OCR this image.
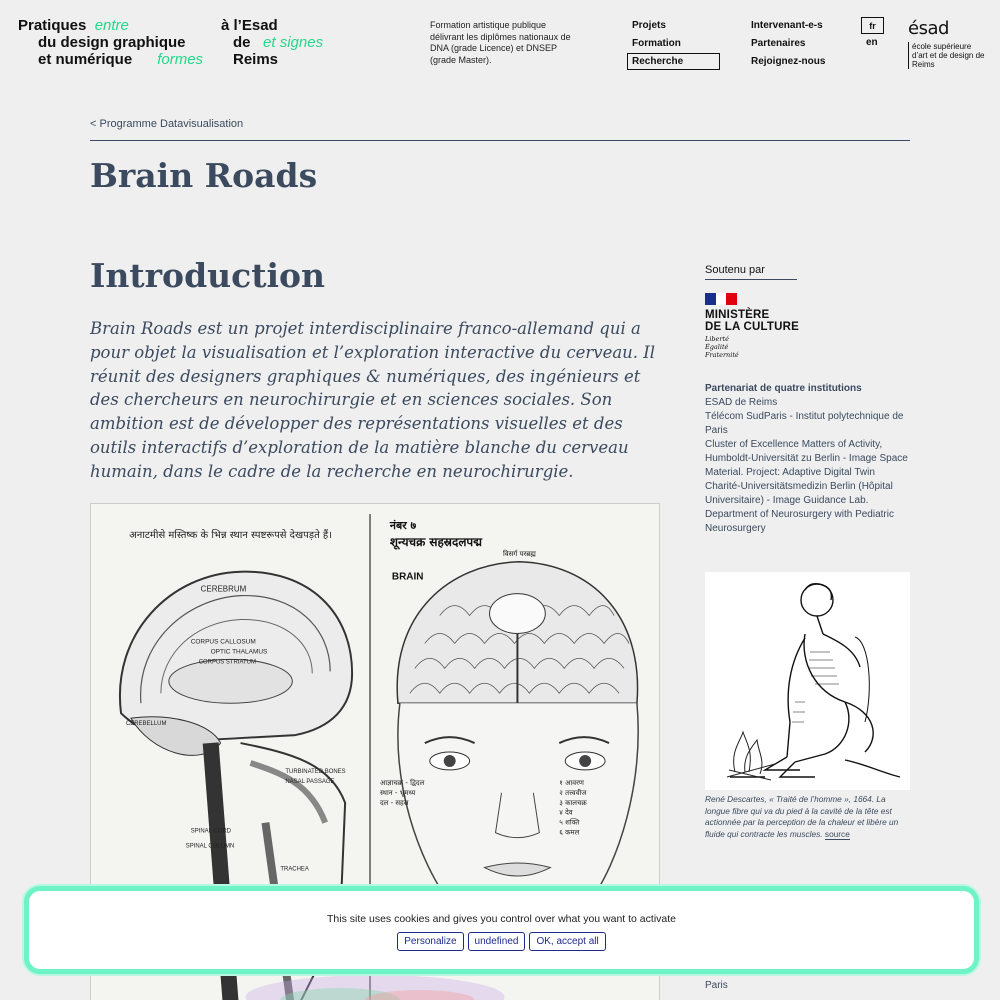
Pratiques entre
du design graphique
et numérique formes
à l’Esad
de et signes
Reims
Formation artistique publique délivrant les diplômes nationaux de DNA (grade Licence) et DNSEP (grade Master).
Projets
Formation
Recherche
Intervenant-e-s
Partenaires
Rejoignez-nous
fr
en
ésad
école supérieure d’art et de design de Reims
< Programme Datavisualisation
Brain Roads
Introduction

Brain Roads est un projet interdisciplinaire franco-allemand qui a pour objet la visualisation et l’exploration interactive du cerveau. Il réunit des designers graphiques & numériques, des ingénieurs et des chercheurs en neurochirurgie et en sciences sociales. Son ambition est de développer des représentations visuelles et des outils interactifs d’exploration de la matière blanche du cerveau humain, dans le cadre de la recherche en neurochirurgie.

अनाटमीसे मस्तिष्क के भिन्न स्थान स्पष्टरूपसे देखपड़ते हैं।
CEREBRUM
CORPUS CALLOSUM
OPTIC THALAMUS
CORPUS STRIATUM
CEREBELLUM
TURBINATED BONES
NASAL PASSAGE
TRACHEA
SPINAL CORD
SPINAL COLUMN
नंबर ७
शून्यचक्र सहस्रदलपद्म
BRAIN
विसर्ग परब्रह्म
आज्ञाचक्र - द्विदल
स्थान - भ्रूमध्य
दल - सहस्र
१ आवरण
२ तत्त्ववीज
३ कालचक्र
४ देव
५ शक्ति
६ कमल
Soutenu par
MINISTÈRE
DE LA CULTURE
Liberté
Égalité
Fraternité
Partenariat de quatre institutions
ESAD de Reims
Télécom SudParis - Institut polytechnique de Paris
Cluster of Excellence Matters of Activity, Humboldt-Universität zu Berlin - Image Space Material. Project: Adaptive Digital Twin
Charité-Universitätsmedizin Berlin (Hôpital Universitaire) - Image Guidance Lab. Department of Neurosurgery with Pediatric Neurosurgery
René Descartes, « Traité de l’homme », 1664. La longue fibre qui va du pied à la cavité de la tête est actionnée par la perception de la chaleur et libère un fluide qui contracte les muscles. source
Paris
This site uses cookies and gives you control over what you want to activate
Personalize	undefined	OK, accept all
